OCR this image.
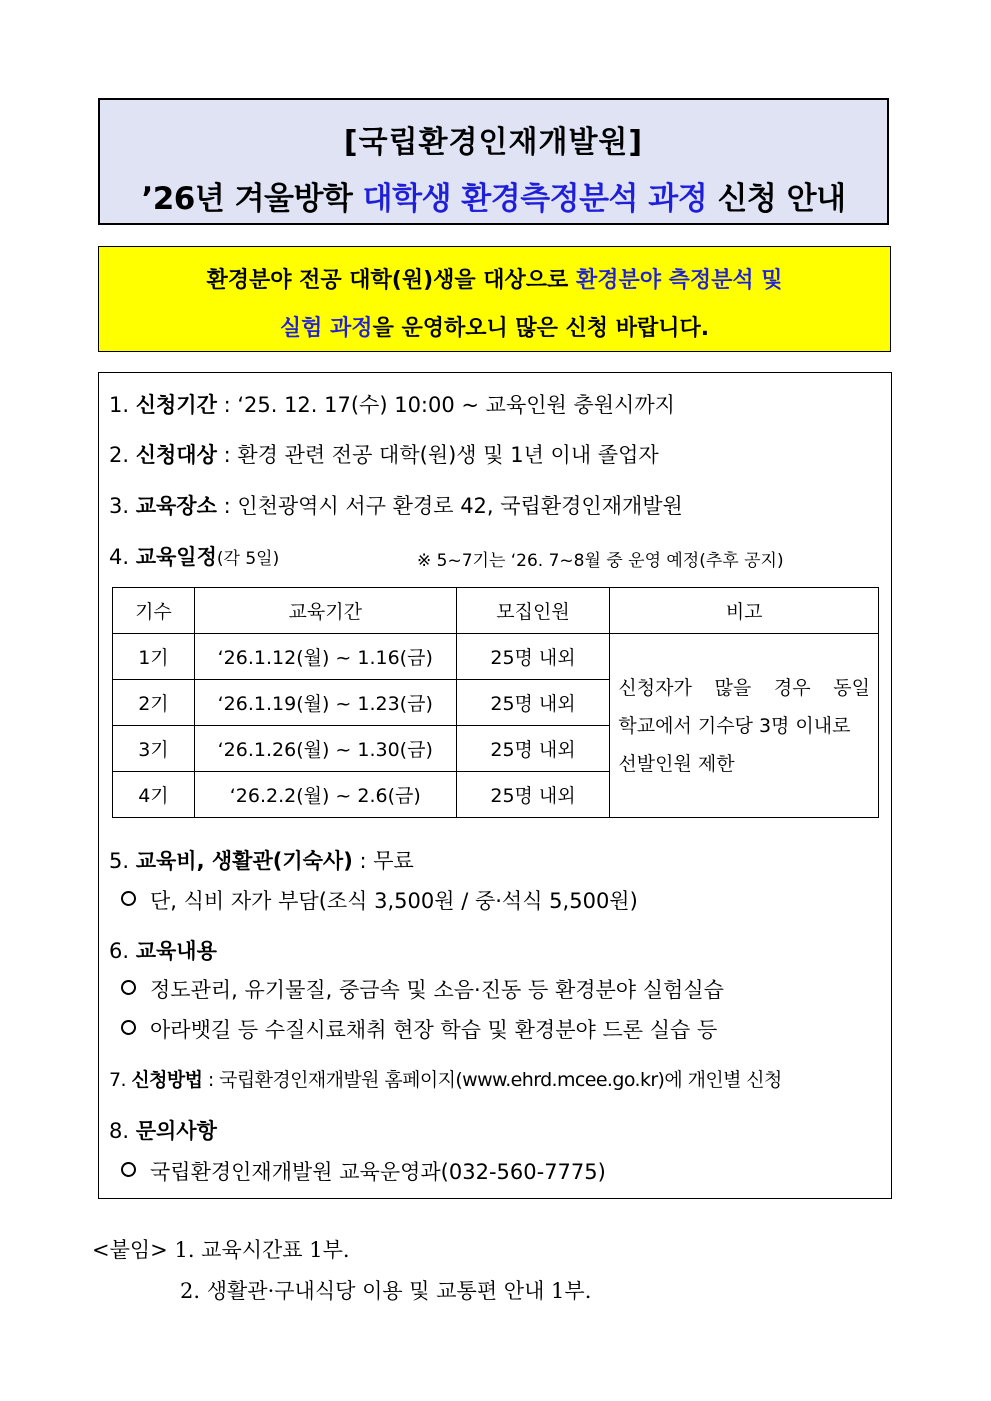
[국립환경인재개발원]
’26년 겨울방학 대학생 환경측정분석 과정 신청 안내
환경분야 전공 대학(원)생을 대상으로 환경분야 측정분석 및
실험 과정을 운영하오니 많은 신청 바랍니다.
1. 신청기간 : ‘25. 12. 17(수) 10:00 ~ 교육인원 충원시까지
2. 신청대상 : 환경 관련 전공 대학(원)생 및 1년 이내 졸업자
3. 교육장소 : 인천광역시 서구 환경로 42, 국립환경인재개발원
4. 교육일정(각 5일)	※ 5~7기는 ‘26. 7~8월 중 운영 예정(추후 공지)
기수	교육기간	모집인원	비고
1기	‘26.1.12(월) ~ 1.16(금)	25명 내외	신청자가 많을 경우 동일
학교에서 기수당 3명 이내로
선발인원 제한

2기	‘26.1.19(월) ~ 1.23(금)	25명 내외	
3기	‘26.1.26(월) ~ 1.30(금)	25명 내외	
4기	‘26.2.2(월) ~ 2.6(금)	25명 내외	
5. 교육비, 생활관(기숙사) : 무료
단, 식비 자가 부담(조식 3,500원 / 중·석식 5,500원)
6. 교육내용
정도관리, 유기물질, 중금속 및 소음·진동 등 환경분야 실험실습
아라뱃길 등 수질시료채취 현장 학습 및 환경분야 드론 실습 등
7. 신청방법 : 국립환경인재개발원 홈페이지(www.ehrd.mcee.go.kr)에 개인별 신청
8. 문의사항
국립환경인재개발원 교육운영과(032-560-7775)
<붙임> 1. 교육시간표 1부.
2. 생활관·구내식당 이용 및 교통편 안내 1부.
